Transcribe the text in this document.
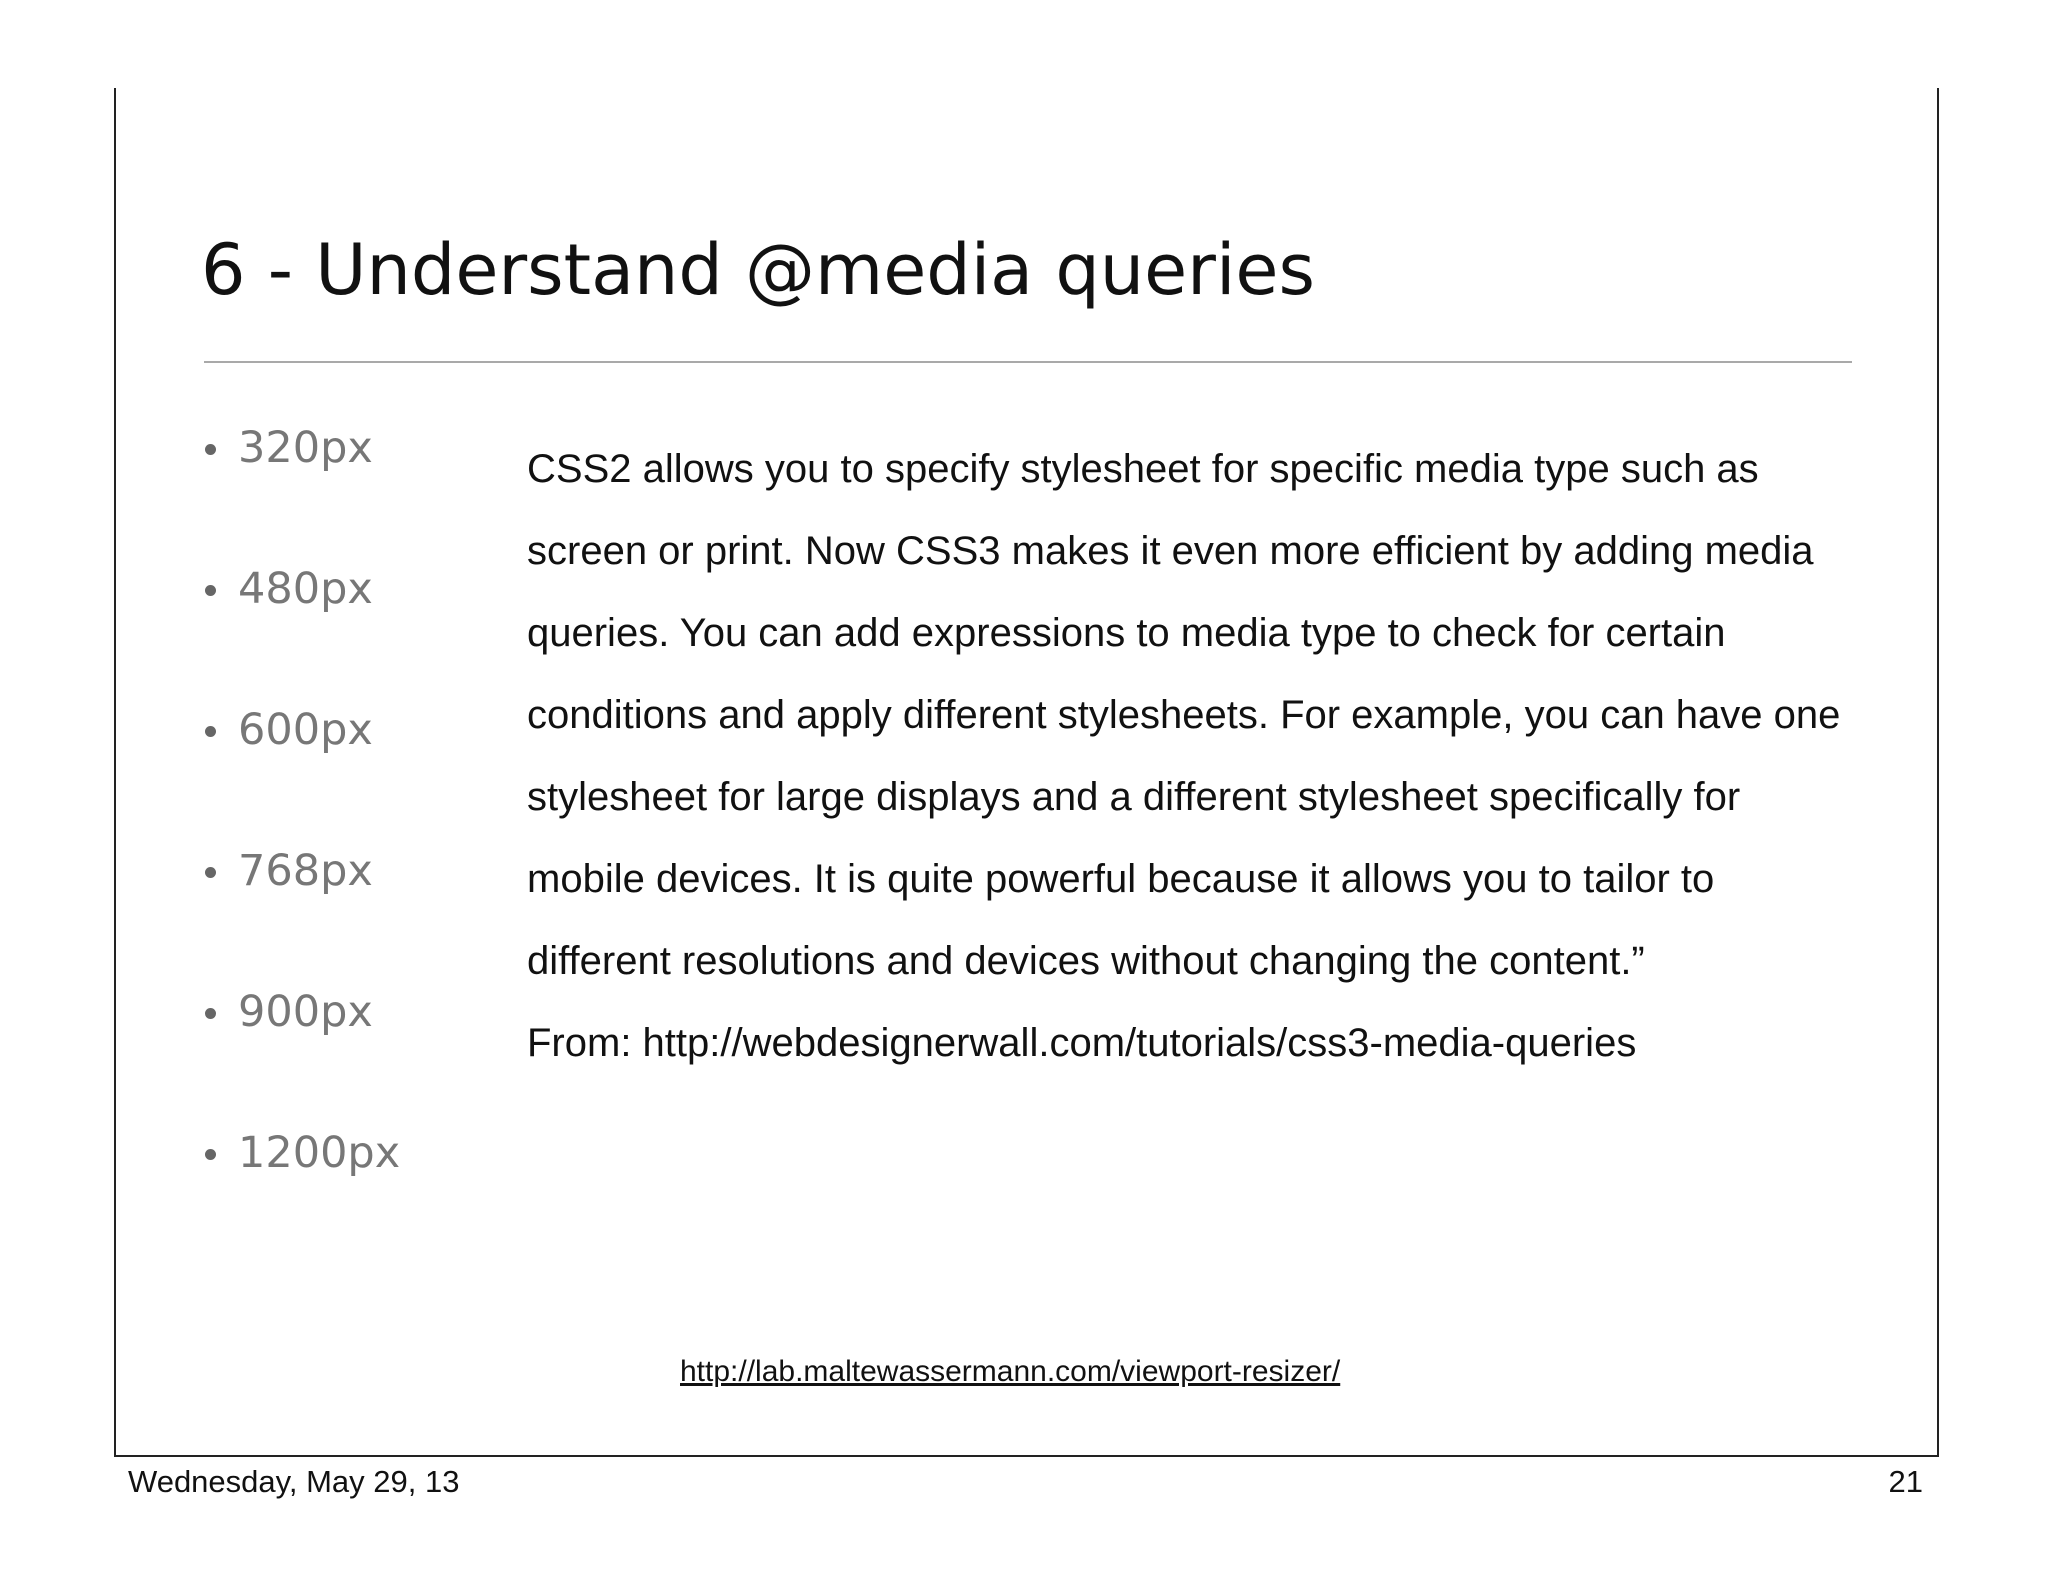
6 - Understand @media queries
320px
480px
600px
768px
900px
1200px

CSS2 allows you to specify stylesheet for specific media type such as

screen or print. Now CSS3 makes it even more efficient by adding media

queries. You can add expressions to media type to check for certain

conditions and apply different stylesheets. For example, you can have one

stylesheet for large displays and a different stylesheet specifically for

mobile devices. It is quite powerful because it allows you to tailor to

different resolutions and devices without changing the content.”

From: http://webdesignerwall.com/tutorials/css3-media-queries

http://lab.maltewassermann.com/viewport-resizer/
Wednesday, May 29, 13	21
